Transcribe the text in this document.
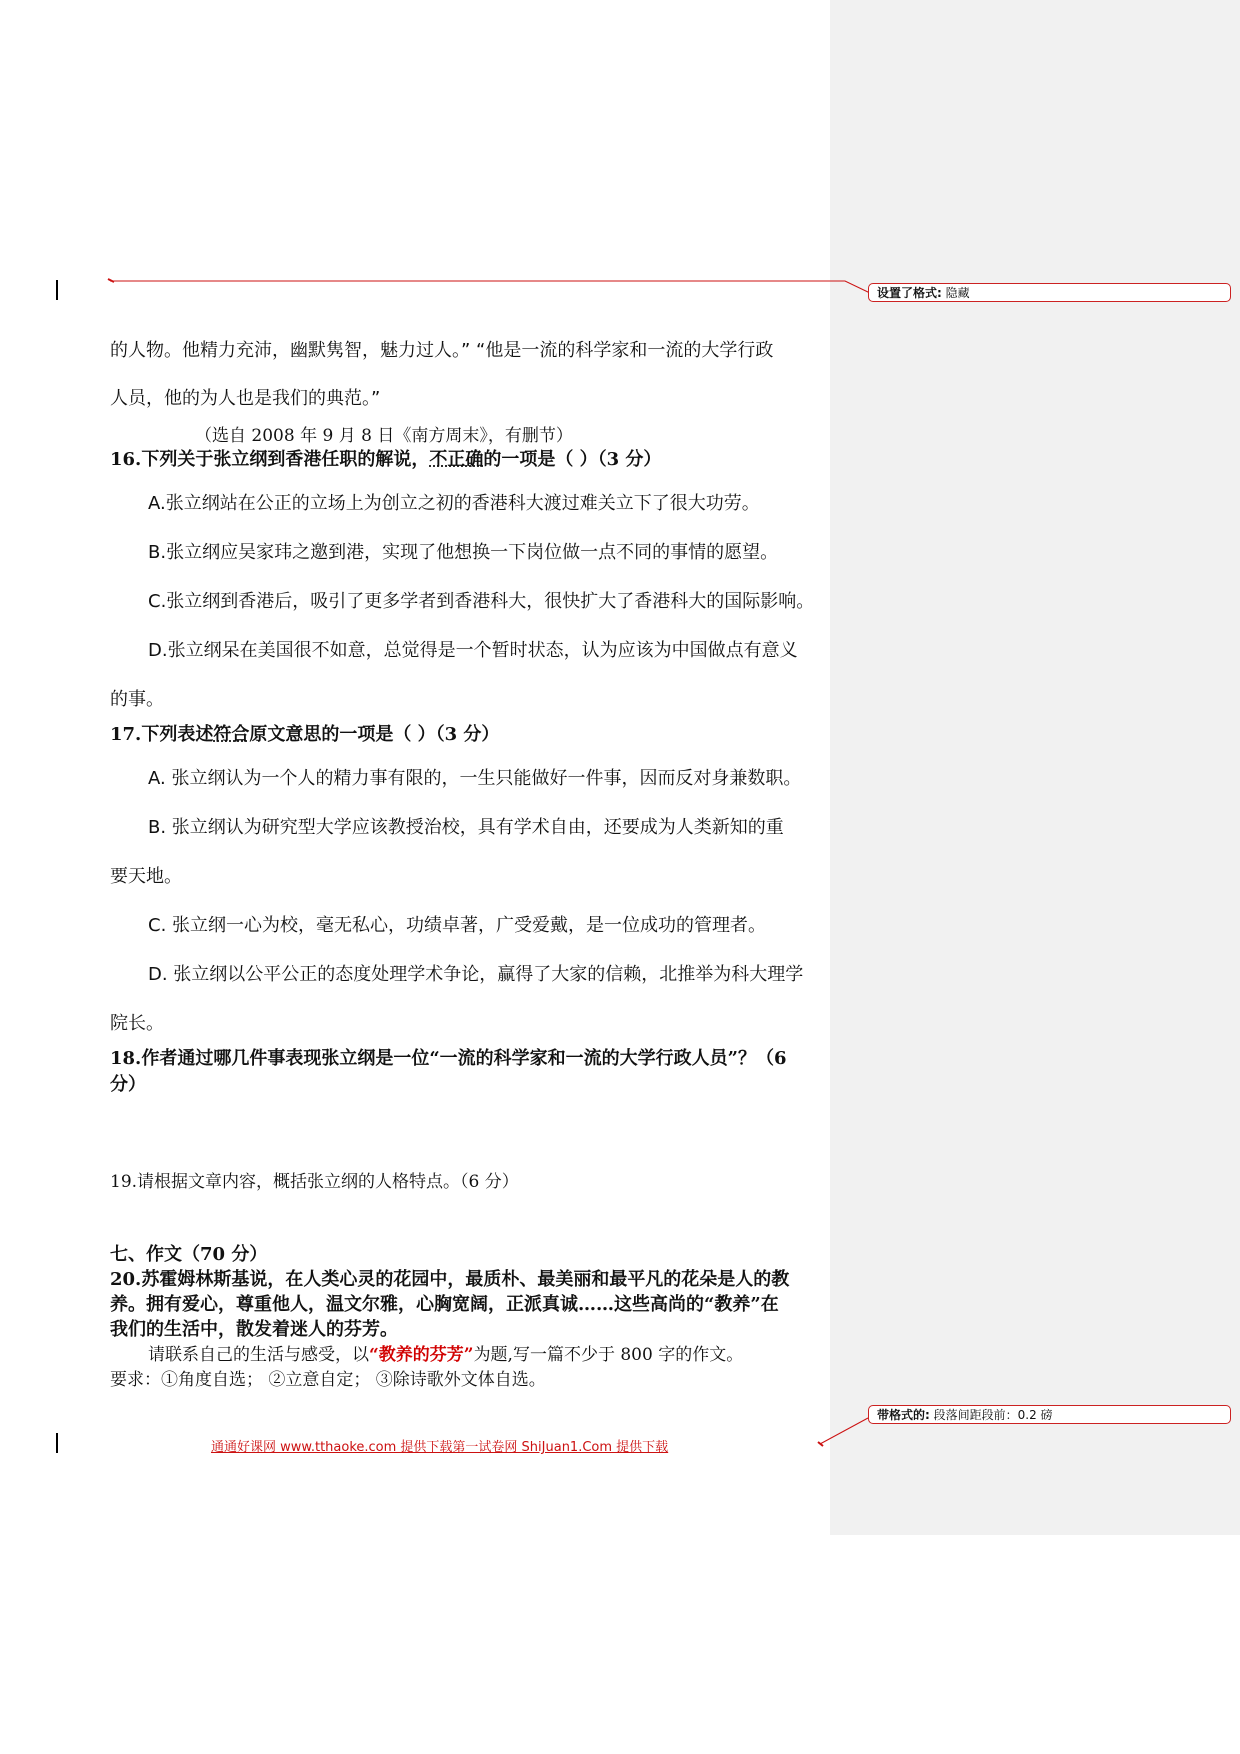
设置了格式: 隐藏
带格式的: 段落间距段前：0.2 磅
的人物。他精力充沛，幽默隽智，魅力过人。” “他是一流的科学家和一流的大学行政
人员，他的为人也是我们的典范。”
（选自 2008 年 9 月 8 日《南方周末》，有删节）
16.下列关于张立纲到香港任职的解说，不正确的一项是（ ）（3 分）
A.张立纲站在公正的立场上为创立之初的香港科大渡过难关立下了很大功劳。
B.张立纲应吴家玮之邀到港，实现了他想换一下岗位做一点不同的事情的愿望。
C.张立纲到香港后，吸引了更多学者到香港科大，很快扩大了香港科大的国际影响。
D.张立纲呆在美国很不如意，总觉得是一个暂时状态，认为应该为中国做点有意义
的事。
17.下列表述符合原文意思的一项是（ ）（3 分）
A. 张立纲认为一个人的精力事有限的，一生只能做好一件事，因而反对身兼数职。
B. 张立纲认为研究型大学应该教授治校，具有学术自由，还要成为人类新知的重
要天地。
C. 张立纲一心为校，毫无私心，功绩卓著，广受爱戴，是一位成功的管理者。
D. 张立纲以公平公正的态度处理学术争论，赢得了大家的信赖，北推举为科大理学
院长。
18.作者通过哪几件事表现张立纲是一位“一流的科学家和一流的大学行政人员”？（6
分）
19.请根据文章内容，概括张立纲的人格特点。（6 分）
七、作文（70 分）
20.苏霍姆林斯基说，在人类心灵的花园中，最质朴、最美丽和最平凡的花朵是人的教
养。拥有爱心，尊重他人，温文尔雅，心胸宽阔，正派真诚……这些高尚的“教养”在
我们的生活中，散发着迷人的芬芳。
请联系自己的生活与感受，以“教养的芬芳”为题,写一篇不少于 800 字的作文。
要求：①角度自选； ②立意自定； ③除诗歌外文体自选。
通通好课网 www.tthaoke.com 提供下载第一试卷网 ShiJuan1.Com 提供下载
